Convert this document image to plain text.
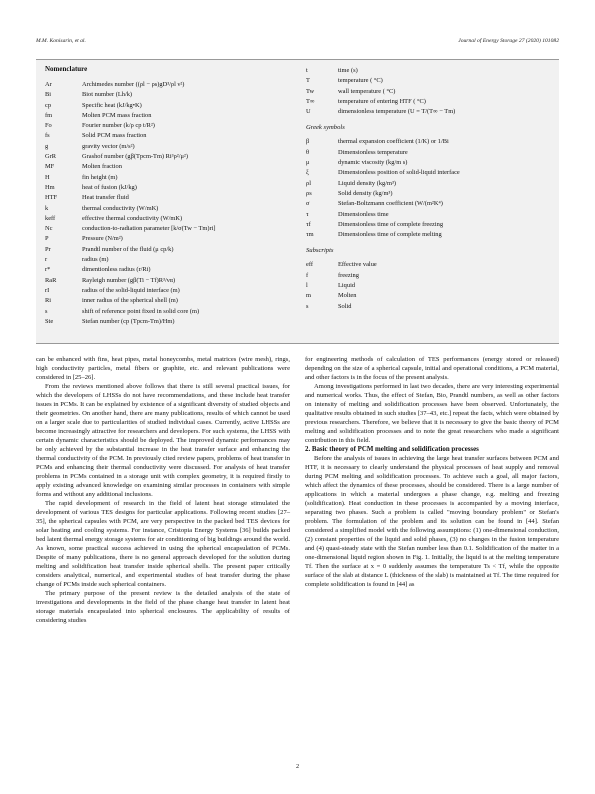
M.M. Konisarin, et al.	Journal of Energy Storage 27 (2020) 101082
Nomenclature
Ar	Archimedes number ((ρl − ρs)gD³/ρl ν²)
Bi	Biot number (Lh/k)
cp	Specific heat (kJ/kg•K)
fm	Molten PCM mass fraction
Fo	Fourier number (k/ρ cp t/R²)
fs	Solid PCM mass fraction
g	gravity vector (m/s²)
GrR	Grashof number (gβ(Tpcm-Tm) Ri³ρ²/μ²)
MF	Molten fraction
H	fin height (m)
Hm	heat of fusion (kJ/kg)
HTF	Heat transfer fluid
k	thermal conductivity (W/mK)
keff	effective thermal conductivity (W/mK)
Nc	conduction-to-radiation parameter [k/σ(Tw − Tm)ri]
P	Pressure (N/m²)
Pr	Prandtl number of the fluid (μ cp/k)
r	radius (m)
r*	dimentionless radius (r/Ri)
RaR	Rayleigh number (gβ(Ti − Tf)R³/να)
rI	radius of the solid-liquid interface (m)
Ri	inner radius of the spherical shell (m)
s	shift of reference point fixed in solid core (m)
Ste	Stefan number (cp (Tpcm-Tm)/Hm)
t	time (s)
T	temperature ( °C)
Tw	wall temperature ( °C)
T∞	temperature of entering HTF ( °C)
U	dimensionless temperature (U = T/(T∞ − Tm)
Greek symbols
β	thermal expansion coefficient (1/K) or 1/Bi
θ	Dimensionless temperature
μ	dynamic viscosity (kg/m s)
ξ	Dimensionless position of solid-liquid interface
ρl	Liquid density (kg/m³)
ρs	Solid density (kg/m³)
σ	Stefan-Boltzmann coefficient (W/(m²K⁴)
τ	Dimensionless time
τf	Dimensionless time of complete freezing
τm	Dimensionless time of complete melting
Subscripts
eff	Effective value
f	freezing
l	Liquid
m	Molten
s	Solid

can be enhanced with fins, heat pipes, metal honeycombs, metal matrices (wire mesh), rings, high conductivity particles, metal fibers or graphite, etc. and relevant publications were considered in [25–26].

From the reviews mentioned above follows that there is still several practical issues, for which the developers of LHSSs do not have recommendations, and these include heat transfer issues in PCMs. It can be explained by existence of a significant diversity of studied objects and their geometries. On another hand, there are many publications, results of which cannot be used on a larger scale due to particularities of studied individual cases. Currently, active LHSSs are become increasingly attractive for researchers and developers. For such systems, the LHSS with certain dynamic characteristics should be deployed. The improved dynamic performances may be only achieved by the substantial increase in the heat transfer surface and enhancing the thermal conductivity of the PCM. In previously cited review papers, problems of heat transfer in PCMs and enhancing their thermal conductivity were discussed. For analysis of heat transfer problems in PCMs contained in a storage unit with complex geometry, it is required firstly to apply existing advanced knowledge on examining similar processes in containers with simple forms and without any additional inclusions.

The rapid development of research in the field of latent heat storage stimulated the development of various TES designs for particular applications. Following recent studies [27–35], the spherical capsules with PCM, are very perspective in the packed bed TES devices for solar heating and cooling systems. For instance, Cristopia Energy Systems [36] builds packed bed latent thermal energy storage systems for air conditioning of big buildings around the world. As known, some practical success achieved in using the spherical encapsulation of PCMs. Despite of many publications, there is no general approach developed for the solution during melting and solidification heat transfer inside spherical shells. The present paper critically considers analytical, numerical, and experimental studies of heat transfer during the phase change of PCMs inside such spherical containers.

The primary purpose of the present review is the detailed analysis of the state of investigations and developments in the field of the phase change heat transfer in latent heat storage materials encapsulated into spherical enclosures. The applicability of results of considering studies

for engineering methods of calculation of TES performances (energy stored or released) depending on the size of a spherical capsule, initial and operational conditions, a PCM material, and other factors is in the focus of the present analysis.

Among investigations performed in last two decades, there are very interesting experimental and numerical works. Thus, the effect of Stefan, Bio, Prandtl numbers, as well as other factors on intensity of melting and solidification processes have been observed. Unfortunately, the qualitative results obtained in such studies [37–43, etc.] repeat the facts, which were obtained by previous researchers. Therefore, we believe that it is necessary to give the basic theory of PCM melting and solidification processes and to note the great researchers who made a significant contribution in this field.

2. Basic theory of PCM melting and solidification processes

Before the analysis of issues in achieving the large heat transfer surfaces between PCM and HTF, it is necessary to clearly understand the physical processes of heat supply and removal during PCM melting and solidification processes. To achieve such a goal, all major factors, which affect the dynamics of these processes, should be considered. There is a large number of applications in which a material undergoes a phase change, e.g. melting and freezing (solidification). Heat conduction in these processes is accompanied by a moving interface, separating two phases. Such a problem is called "moving boundary problem" or Stefan's problem. The formulation of the problem and its solution can be found in [44]. Stefan considered a simplified model with the following assumptions: (1) one-dimensional conduction, (2) constant properties of the liquid and solid phases, (3) no changes in the fusion temperature and (4) quasi-steady state with the Stefan number less than 0.1. Solidification of the matter in a one-dimensional liquid region shown in Fig. 1. Initially, the liquid is at the melting temperature Tf. Then the surface at x = 0 suddenly assumes the temperature Ts < Tf, while the opposite surface of the slab at distance L (thickness of the slab) is maintained at Tf. The time required for complete solidification is found in [44] as

2
